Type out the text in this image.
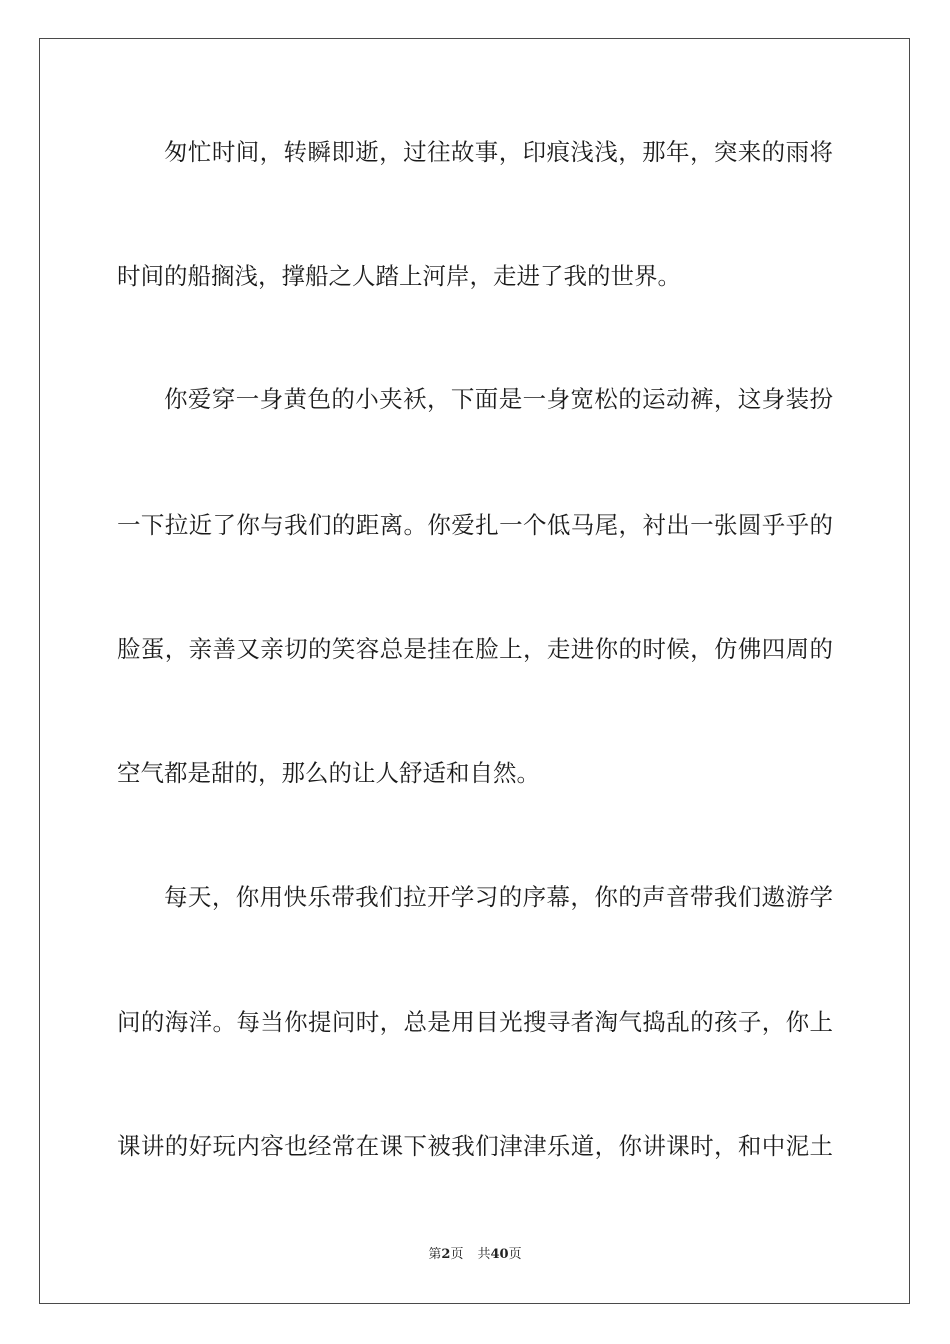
匆忙时间，转瞬即逝，过往故事，印痕浅浅，那年，突来的雨将
时间的船搁浅，撑船之人踏上河岸，走进了我的世界。
你爱穿一身黄色的小夹袄，下面是一身宽松的运动裤，这身装扮
一下拉近了你与我们的距离。你爱扎一个低马尾，衬出一张圆乎乎的
脸蛋，亲善又亲切的笑容总是挂在脸上，走进你的时候，仿佛四周的
空气都是甜的，那么的让人舒适和自然。
每天，你用快乐带我们拉开学习的序幕，你的声音带我们遨游学
问的海洋。每当你提问时，总是用目光搜寻者淘气捣乱的孩子，你上
课讲的好玩内容也经常在课下被我们津津乐道，你讲课时，和中泥土
第2页 共40页
